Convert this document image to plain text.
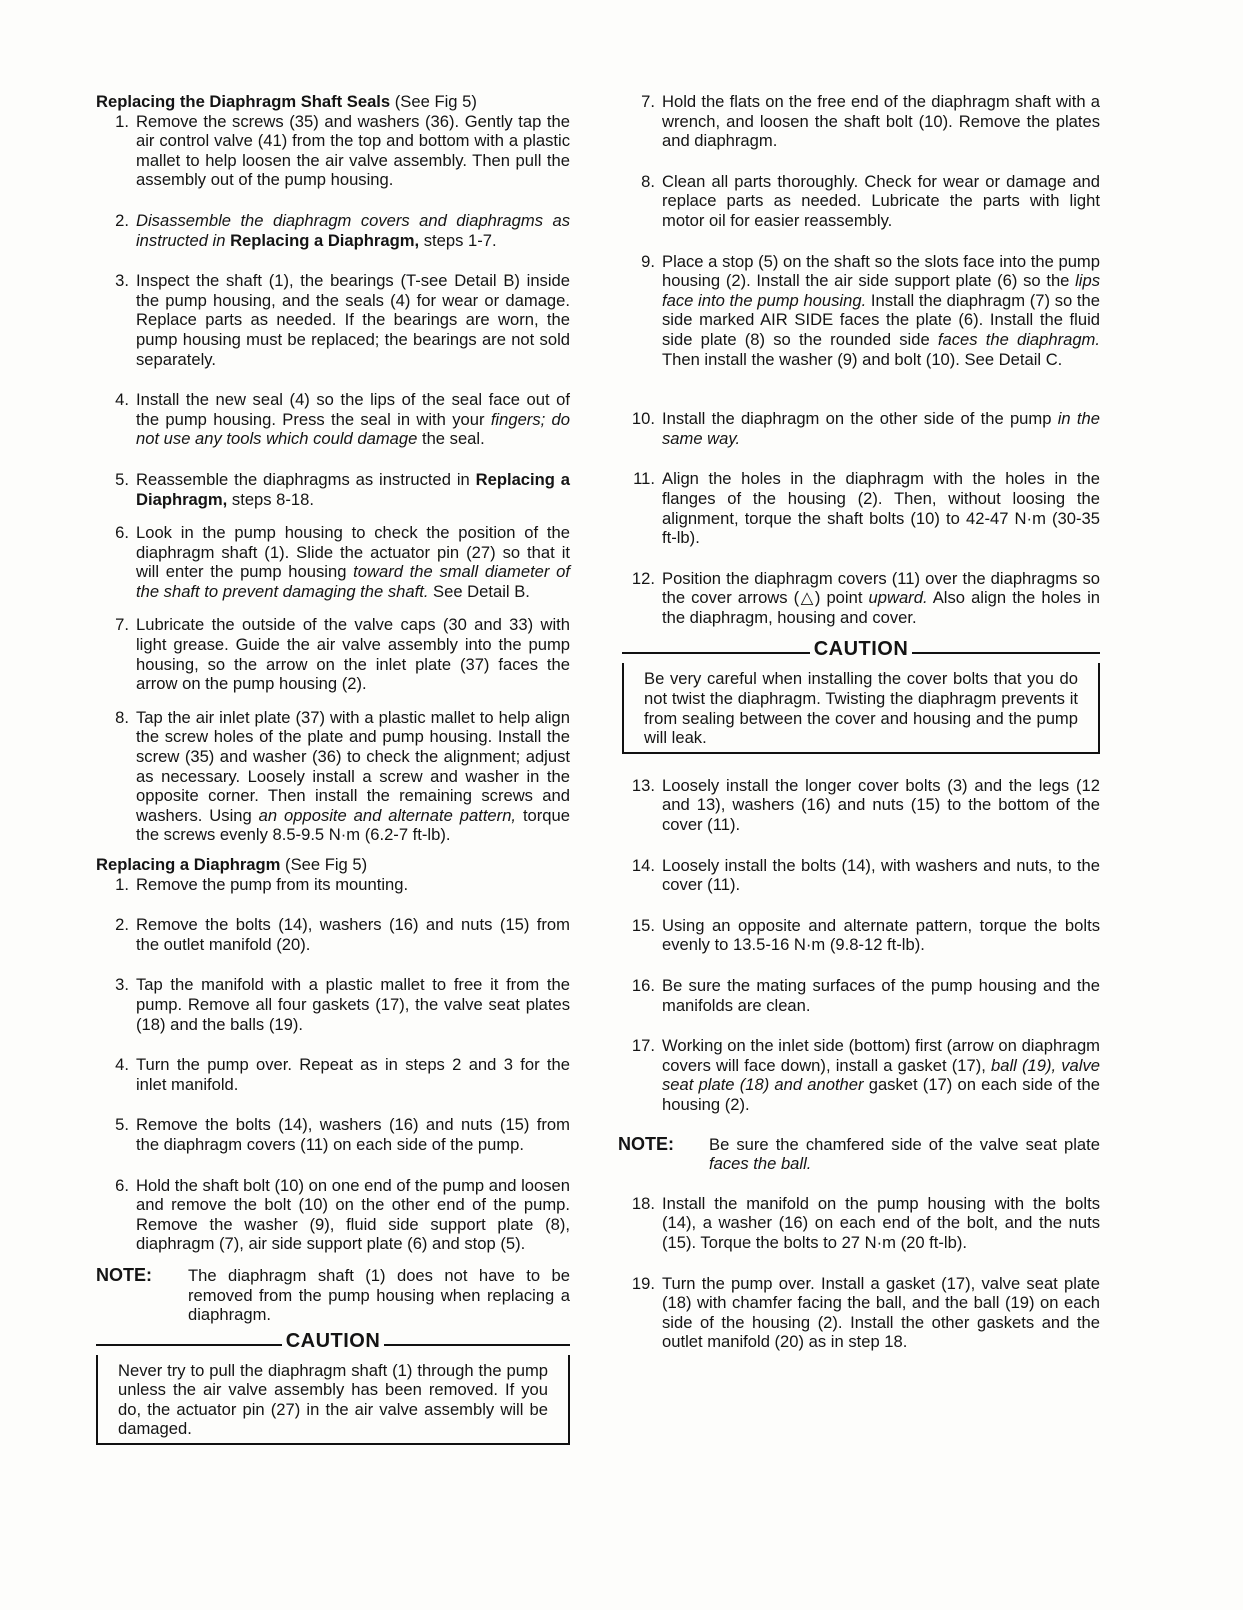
Replacing the Diaphragm Shaft Seals (See Fig 5)
1. Remove the screws (35) and washers (36). Gently tap the air control valve (41) from the top and bottom with a plastic mallet to help loosen the air valve assembly. Then pull the assembly out of the pump housing.
2. Disassemble the diaphragm covers and diaphragms as instructed in Replacing a Diaphragm, steps 1-7.
3. Inspect the shaft (1), the bearings (T-see Detail B) inside the pump housing, and the seals (4) for wear or damage. Replace parts as needed. If the bearings are worn, the pump housing must be replaced; the bearings are not sold separately.
4. Install the new seal (4) so the lips of the seal face out of the pump housing. Press the seal in with your fingers; do not use any tools which could damage the seal.
5. Reassemble the diaphragms as instructed in Replacing a Diaphragm, steps 8-18.
6. Look in the pump housing to check the position of the diaphragm shaft (1). Slide the actuator pin (27) so that it will enter the pump housing toward the small diameter of the shaft to prevent damaging the shaft. See Detail B.
7. Lubricate the outside of the valve caps (30 and 33) with light grease. Guide the air valve assembly into the pump housing, so the arrow on the inlet plate (37) faces the arrow on the pump housing (2).
8. Tap the air inlet plate (37) with a plastic mallet to help align the screw holes of the plate and pump housing. Install the screw (35) and washer (36) to check the alignment; adjust as necessary. Loosely install a screw and washer in the opposite corner. Then install the remaining screws and washers. Using an opposite and alternate pattern, torque the screws evenly 8.5-9.5 N·m (6.2-7 ft-lb).
Replacing a Diaphragm (See Fig 5)
1. Remove the pump from its mounting.
2. Remove the bolts (14), washers (16) and nuts (15) from the outlet manifold (20).
3. Tap the manifold with a plastic mallet to free it from the pump. Remove all four gaskets (17), the valve seat plates (18) and the balls (19).
4. Turn the pump over. Repeat as in steps 2 and 3 for the inlet manifold.
5. Remove the bolts (14), washers (16) and nuts (15) from the diaphragm covers (11) on each side of the pump.
6. Hold the shaft bolt (10) on one end of the pump and loosen and remove the bolt (10) on the other end of the pump. Remove the washer (9), fluid side support plate (8), diaphragm (7), air side support plate (6) and stop (5).
NOTE:	The diaphragm shaft (1) does not have to be removed from the pump housing when replacing a diaphragm.
CAUTION
Never try to pull the diaphragm shaft (1) through the pump unless the air valve assembly has been removed. If you do, the actuator pin (27) in the air valve assembly will be damaged.
7. Hold the flats on the free end of the diaphragm shaft with a wrench, and loosen the shaft bolt (10). Remove the plates and diaphragm.
8. Clean all parts thoroughly. Check for wear or damage and replace parts as needed. Lubricate the parts with light motor oil for easier reassembly.
9. Place a stop (5) on the shaft so the slots face into the pump housing (2). Install the air side support plate (6) so the lips face into the pump housing. Install the diaphragm (7) so the side marked AIR SIDE faces the plate (6). Install the fluid side plate (8) so the rounded side faces the diaphragm. Then install the washer (9) and bolt (10). See Detail C.
10. Install the diaphragm on the other side of the pump in the same way.
11. Align the holes in the diaphragm with the holes in the flanges of the housing (2). Then, without loosing the alignment, torque the shaft bolts (10) to 42-47 N·m (30-35 ft-lb).
12. Position the diaphragm covers (11) over the diaphragms so the cover arrows (△) point upward. Also align the holes in the diaphragm, housing and cover.
CAUTION
Be very careful when installing the cover bolts that you do not twist the diaphragm. Twisting the diaphragm prevents it from sealing between the cover and housing and the pump will leak.
13. Loosely install the longer cover bolts (3) and the legs (12 and 13), washers (16) and nuts (15) to the bottom of the cover (11).
14. Loosely install the bolts (14), with washers and nuts, to the cover (11).
15. Using an opposite and alternate pattern, torque the bolts evenly to 13.5-16 N·m (9.8-12 ft-lb).
16. Be sure the mating surfaces of the pump housing and the manifolds are clean.
17. Working on the inlet side (bottom) first (arrow on diaphragm covers will face down), install a gasket (17), ball (19), valve seat plate (18) and another gasket (17) on each side of the housing (2).
NOTE:	Be sure the chamfered side of the valve seat plate faces the ball.
18. Install the manifold on the pump housing with the bolts (14), a washer (16) on each end of the bolt, and the nuts (15). Torque the bolts to 27 N·m (20 ft-lb).
19. Turn the pump over. Install a gasket (17), valve seat plate (18) with chamfer facing the ball, and the ball (19) on each side of the housing (2). Install the other gaskets and the outlet manifold (20) as in step 18.
